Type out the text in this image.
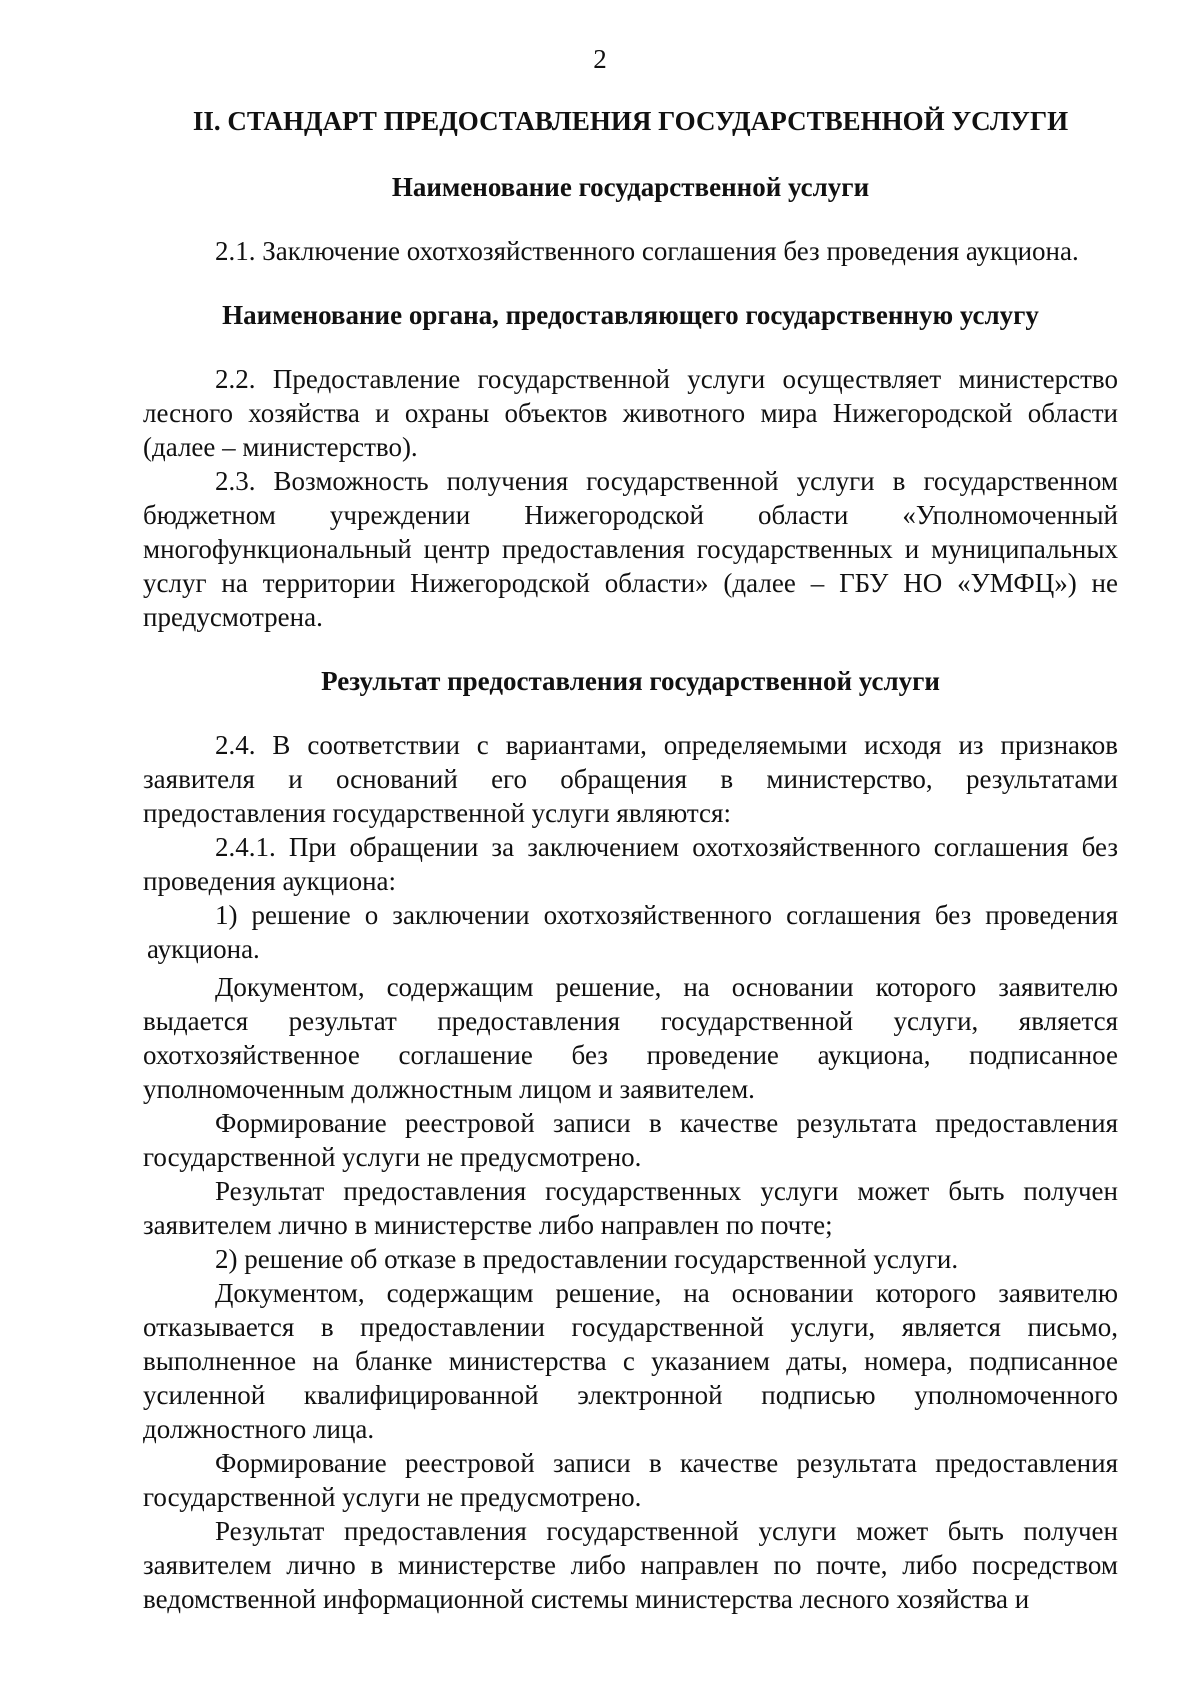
2
II. СТАНДАРТ ПРЕДОСТАВЛЕНИЯ ГОСУДАРСТВЕННОЙ УСЛУГИ
Наименование государственной услуги

2.1. Заключение охотхозяйственного соглашения без проведения аукциона.

Наименование органа, предоставляющего государственную услугу

2.2. Предоставление государственной услуги осуществляет министерство лесного хозяйства и охраны объектов животного мира Нижегородской области (далее – министерство).

2.3. Возможность получения государственной услуги в государственном бюджетном учреждении Нижегородской области «Уполномоченный многофункциональный центр предоставления государственных и муниципальных услуг на территории Нижегородской области» (далее – ГБУ НО «УМФЦ») не предусмотрена.

Результат предоставления государственной услуги

2.4. В соответствии с вариантами, определяемыми исходя из признаков заявителя и оснований его обращения в министерство, результатами предоставления государственной услуги являются:

2.4.1. При обращении за заключением охотхозяйственного соглашения без проведения аукциона:

1) решение о заключении охотхозяйственного соглашения без проведения аукциона.

Документом, содержащим решение, на основании которого заявителю выдается результат предоставления государственной услуги, является охотхозяйственное соглашение без проведение аукциона, подписанное уполномоченным должностным лицом и заявителем.

Формирование реестровой записи в качестве результата предоставления государственной услуги не предусмотрено.

Результат предоставления государственных услуги может быть получен заявителем лично в министерстве либо направлен по почте;

2) решение об отказе в предоставлении государственной услуги.

Документом, содержащим решение, на основании которого заявителю отказывается в предоставлении государственной услуги, является письмо, выполненное на бланке министерства с указанием даты, номера, подписанное усиленной квалифицированной электронной подписью уполномоченного должностного лица.

Формирование реестровой записи в качестве результата предоставления государственной услуги не предусмотрено.

Результат предоставления государственной услуги может быть получен заявителем лично в министерстве либо направлен по почте, либо посредством ведомственной информационной системы министерства лесного хозяйства и
